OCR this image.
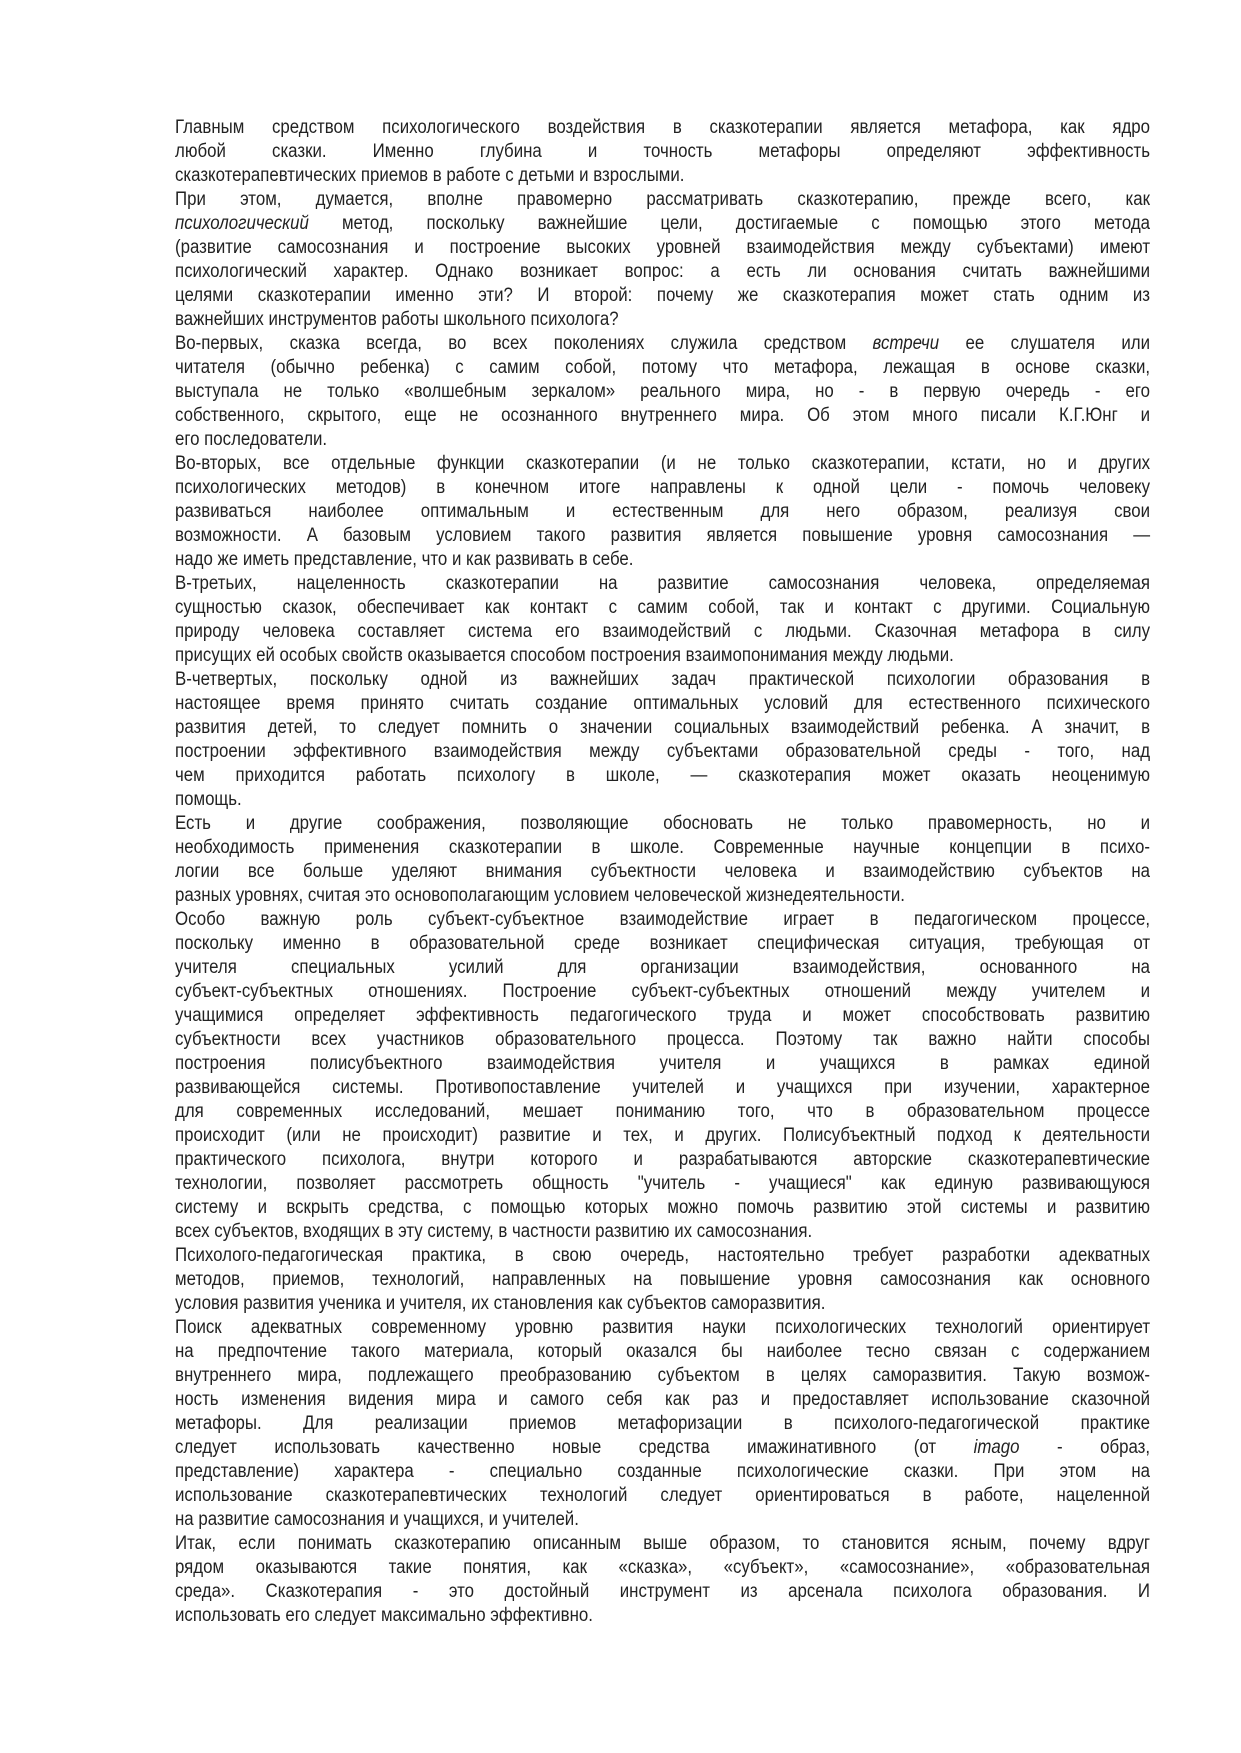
Главным средством психологического воздействия в сказкотерапии является метафора, как ядро
любой сказки. Именно глубина и точность метафоры определяют эффективность
сказкотерапевтических приемов в работе с детьми и взрослыми.
При этом, думается, вполне правомерно рассматривать сказкотерапию, прежде всего, как
психологический метод, поскольку важнейшие цели, достигаемые с помощью этого метода
(развитие самосознания и построение высоких уровней взаимодействия между субъектами) имеют
психологический характер. Однако возникает вопрос: а есть ли основания считать важнейшими
целями сказкотерапии именно эти? И второй: почему же сказкотерапия может стать одним из
важнейших инструментов работы школьного психолога?
Во-первых, сказка всегда, во всех поколениях служила средством встречи ее слушателя или
читателя (обычно ребенка) с самим собой, потому что метафора, лежащая в основе сказки,
выступала не только «волшебным зеркалом» реального мира, но - в первую очередь - его
собственного, скрытого, еще не осознанного внутреннего мира. Об этом много писали К.Г.Юнг и
его последователи.
Во-вторых, все отдельные функции сказкотерапии (и не только сказкотерапии, кстати, но и других
психологических методов) в конечном итоге направлены к одной цели - помочь человеку
развиваться наиболее оптимальным и естественным для него образом, реализуя свои
возможности. А базовым условием такого развития является повышение уровня самосознания —
надо же иметь представление, что и как развивать в себе.
В-третьих, нацеленность сказкотерапии на развитие самосознания человека, определяемая
сущностью сказок, обеспечивает как контакт с самим собой, так и контакт с другими. Социальную
природу человека составляет система его взаимодействий с людьми. Сказочная метафора в силу
присущих ей особых свойств оказывается способом построения взаимопонимания между людьми.
В-четвертых, поскольку одной из важнейших задач практической психологии образования в
настоящее время принято считать создание оптимальных условий для естественного психического
развития детей, то следует помнить о значении социальных взаимодействий ребенка. А значит, в
построении эффективного взаимодействия между субъектами образовательной среды - того, над
чем приходится работать психологу в школе, — сказкотерапия может оказать неоценимую
помощь.
Есть и другие соображения, позволяющие обосновать не только правомерность, но и
необходимость применения сказкотерапии в школе. Современные научные концепции в психо-
логии все больше уделяют внимания субъектности человека и взаимодействию субъектов на
разных уровнях, считая это основополагающим условием человеческой жизнедеятельности.
Особо важную роль субъект-субъектное взаимодействие играет в педагогическом процессе,
поскольку именно в образовательной среде возникает специфическая ситуация, требующая от
учителя специальных усилий для организации взаимодействия, основанного на
субъект-субъектных отношениях. Построение субъект-субъектных отношений между учителем и
учащимися определяет эффективность педагогического труда и может способствовать развитию
субъектности всех участников образовательного процесса. Поэтому так важно найти способы
построения полисубъектного взаимодействия учителя и учащихся в рамках единой
развивающейся системы. Противопоставление учителей и учащихся при изучении, характерное
для современных исследований, мешает пониманию того, что в образовательном процессе
происходит (или не происходит) развитие и тех, и других. Полисубъектный подход к деятельности
практического психолога, внутри которого и разрабатываются авторские сказкотерапевтические
технологии, позволяет рассмотреть общность "учитель - учащиеся" как единую развивающуюся
систему и вскрыть средства, с помощью которых можно помочь развитию этой системы и развитию
всех субъектов, входящих в эту систему, в частности развитию их самосознания.
Психолого-педагогическая практика, в свою очередь, настоятельно требует разработки адекватных
методов, приемов, технологий, направленных на повышение уровня самосознания как основного
условия развития ученика и учителя, их становления как субъектов саморазвития.
Поиск адекватных современному уровню развития науки психологических технологий ориентирует
на предпочтение такого материала, который оказался бы наиболее тесно связан с содержанием
внутреннего мира, подлежащего преобразованию субъектом в целях саморазвития. Такую возмож-
ность изменения видения мира и самого себя как раз и предоставляет использование сказочной
метафоры. Для реализации приемов метафоризации в психолого-педагогической практике
следует использовать качественно новые средства имажинативного (от imago - образ,
представление) характера - специально созданные психологические сказки. При этом на
использование сказкотерапевтических технологий следует ориентироваться в работе, нацеленной
на развитие самосознания и учащихся, и учителей.
Итак, если понимать сказкотерапию описанным выше образом, то становится ясным, почему вдруг
рядом оказываются такие понятия, как «сказка», «субъект», «самосознание», «образовательная
среда». Сказкотерапия - это достойный инструмент из арсенала психолога образования. И
использовать его следует максимально эффективно.
